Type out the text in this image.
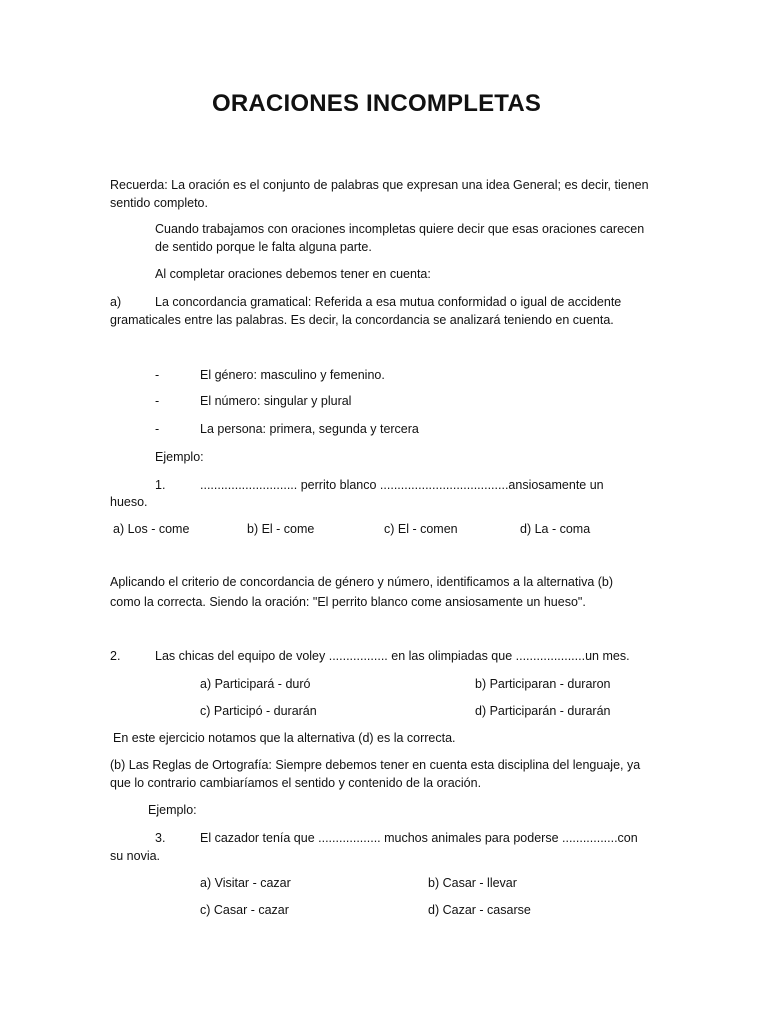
ORACIONES INCOMPLETAS

Recuerda: La oración es el conjunto de palabras que expresan una idea General; es decir, tienen sentido completo.

Cuando trabajamos con oraciones incompletas quiere decir que esas oraciones carecen de sentido porque le falta alguna parte.

Al completar oraciones debemos tener en cuenta:

a)	La concordancia gramatical: Referida a esa mutua conformidad o igual de accidente

gramaticales entre las palabras. Es decir, la concordancia se analizará teniendo en cuenta.

-	El género: masculino y femenino.

-	El número: singular y plural

-	La persona: primera, segunda y tercera

Ejemplo:

1.	............................ perrito blanco .....................................ansiosamente un

hueso.

a) Los - come	b) El - come	c) El - comen	d) La - coma

Aplicando el criterio de concordancia de género y número, identificamos a la alternativa (b)

como la correcta. Siendo la oración: "El perrito blanco come ansiosamente un hueso".

2.	Las chicas del equipo de voley ................. en las olimpiadas que ....................un mes.

a) Participará - duró	b) Participaran - duraron

c) Participó - durarán	d) Participarán - durarán

En este ejercicio notamos que la alternativa (d) es la correcta.

(b) Las Reglas de Ortografía: Siempre debemos tener en cuenta esta disciplina del lenguaje, ya

que lo contrario cambiaríamos el sentido y contenido de la oración.

Ejemplo:

3.	El cazador tenía que .................. muchos animales para poderse ................con

su novia.

a) Visitar - cazar	b) Casar - llevar

c) Casar - cazar	d) Cazar - casarse
